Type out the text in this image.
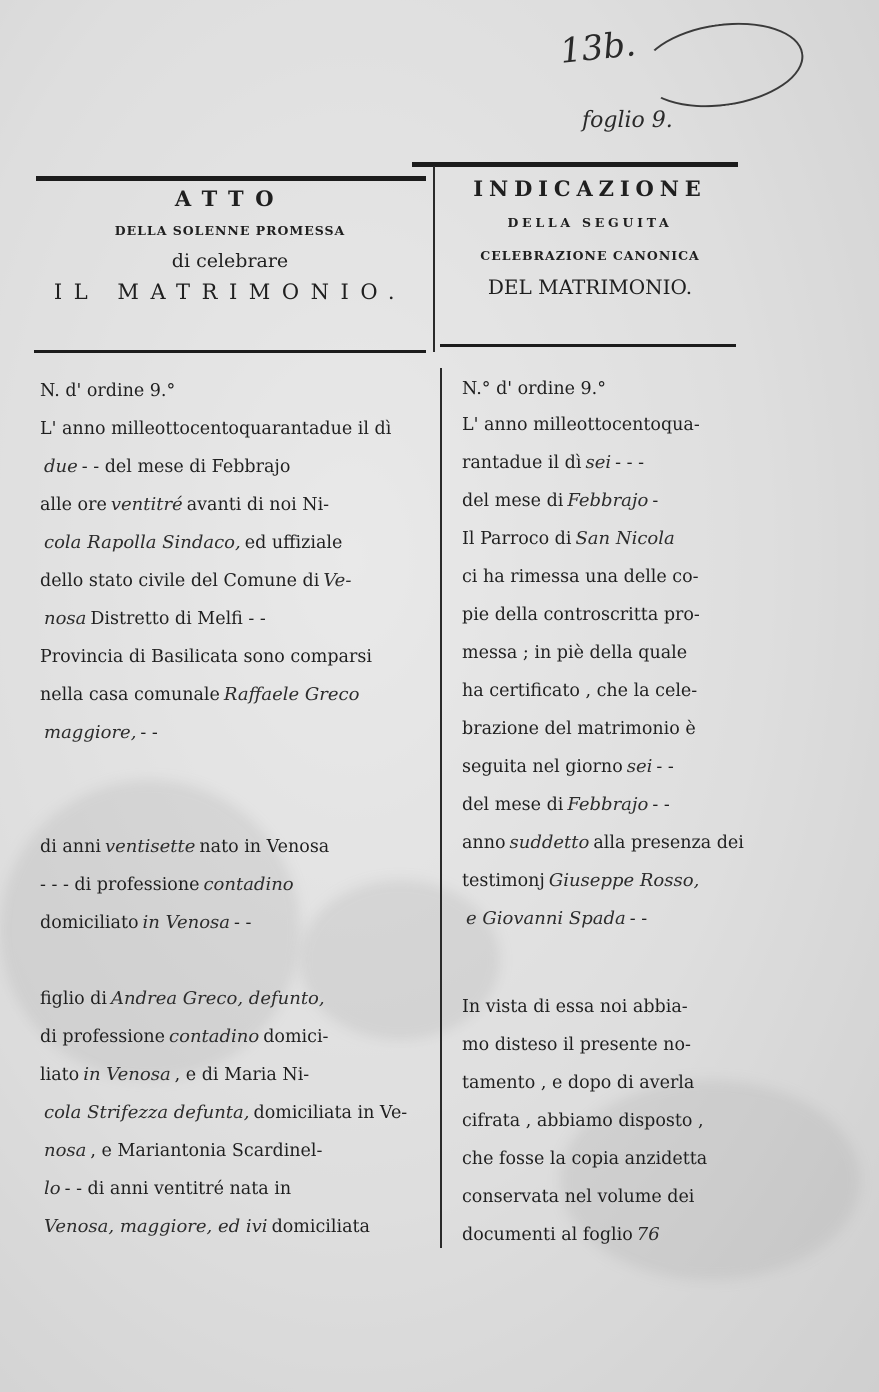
13b.
foglio 9.
ATTO
DELLA SOLENNE PROMESSA
di celebrare
IL MATRIMONIO.
INDICAZIONE
DELLA SEGUITA
CELEBRAZIONE CANONICA
DEL MATRIMONIO.
N. d' ordine 9.°
L' anno milleottocentoquarantadue il dì
due - - del mese di Febbrajo
alle ore ventitré avanti di noi Ni-
cola Rapolla Sindaco, ed uffiziale
dello stato civile del Comune di Ve-
nosa Distretto di Melfi - -
Provincia di Basilicata sono comparsi
nella casa comunale Raffaele Greco
maggiore, - -
di anni ventisette nato in Venosa
- - - di professione contadino
domiciliato in Venosa - -
figlio di Andrea Greco, defunto,
di professione contadino domici-
liato in Venosa , e di Maria Ni-
cola Strifezza defunta, domiciliata in Ve-
nosa , e Mariantonia Scardinel-
lo - - di anni ventitré nata in
Venosa, maggiore, ed ivi domiciliata
N.° d' ordine 9.°
L' anno milleottocentoqua-
rantadue il dì sei - - -
del mese di Febbrajo -
Il Parroco di San Nicola
ci ha rimessa una delle co-
pie della controscritta pro-
messa ; in piè della quale
ha certificato , che la cele-
brazione del matrimonio è
seguita nel giorno sei - -
del mese di Febbrajo - -
anno suddetto alla presenza dei
testimonj Giuseppe Rosso,
e Giovanni Spada - -
In vista di essa noi abbia-
mo disteso il presente no-
tamento , e dopo di averla
cifrata , abbiamo disposto ,
che fosse la copia anzidetta
conservata nel volume dei
documenti al foglio 76
